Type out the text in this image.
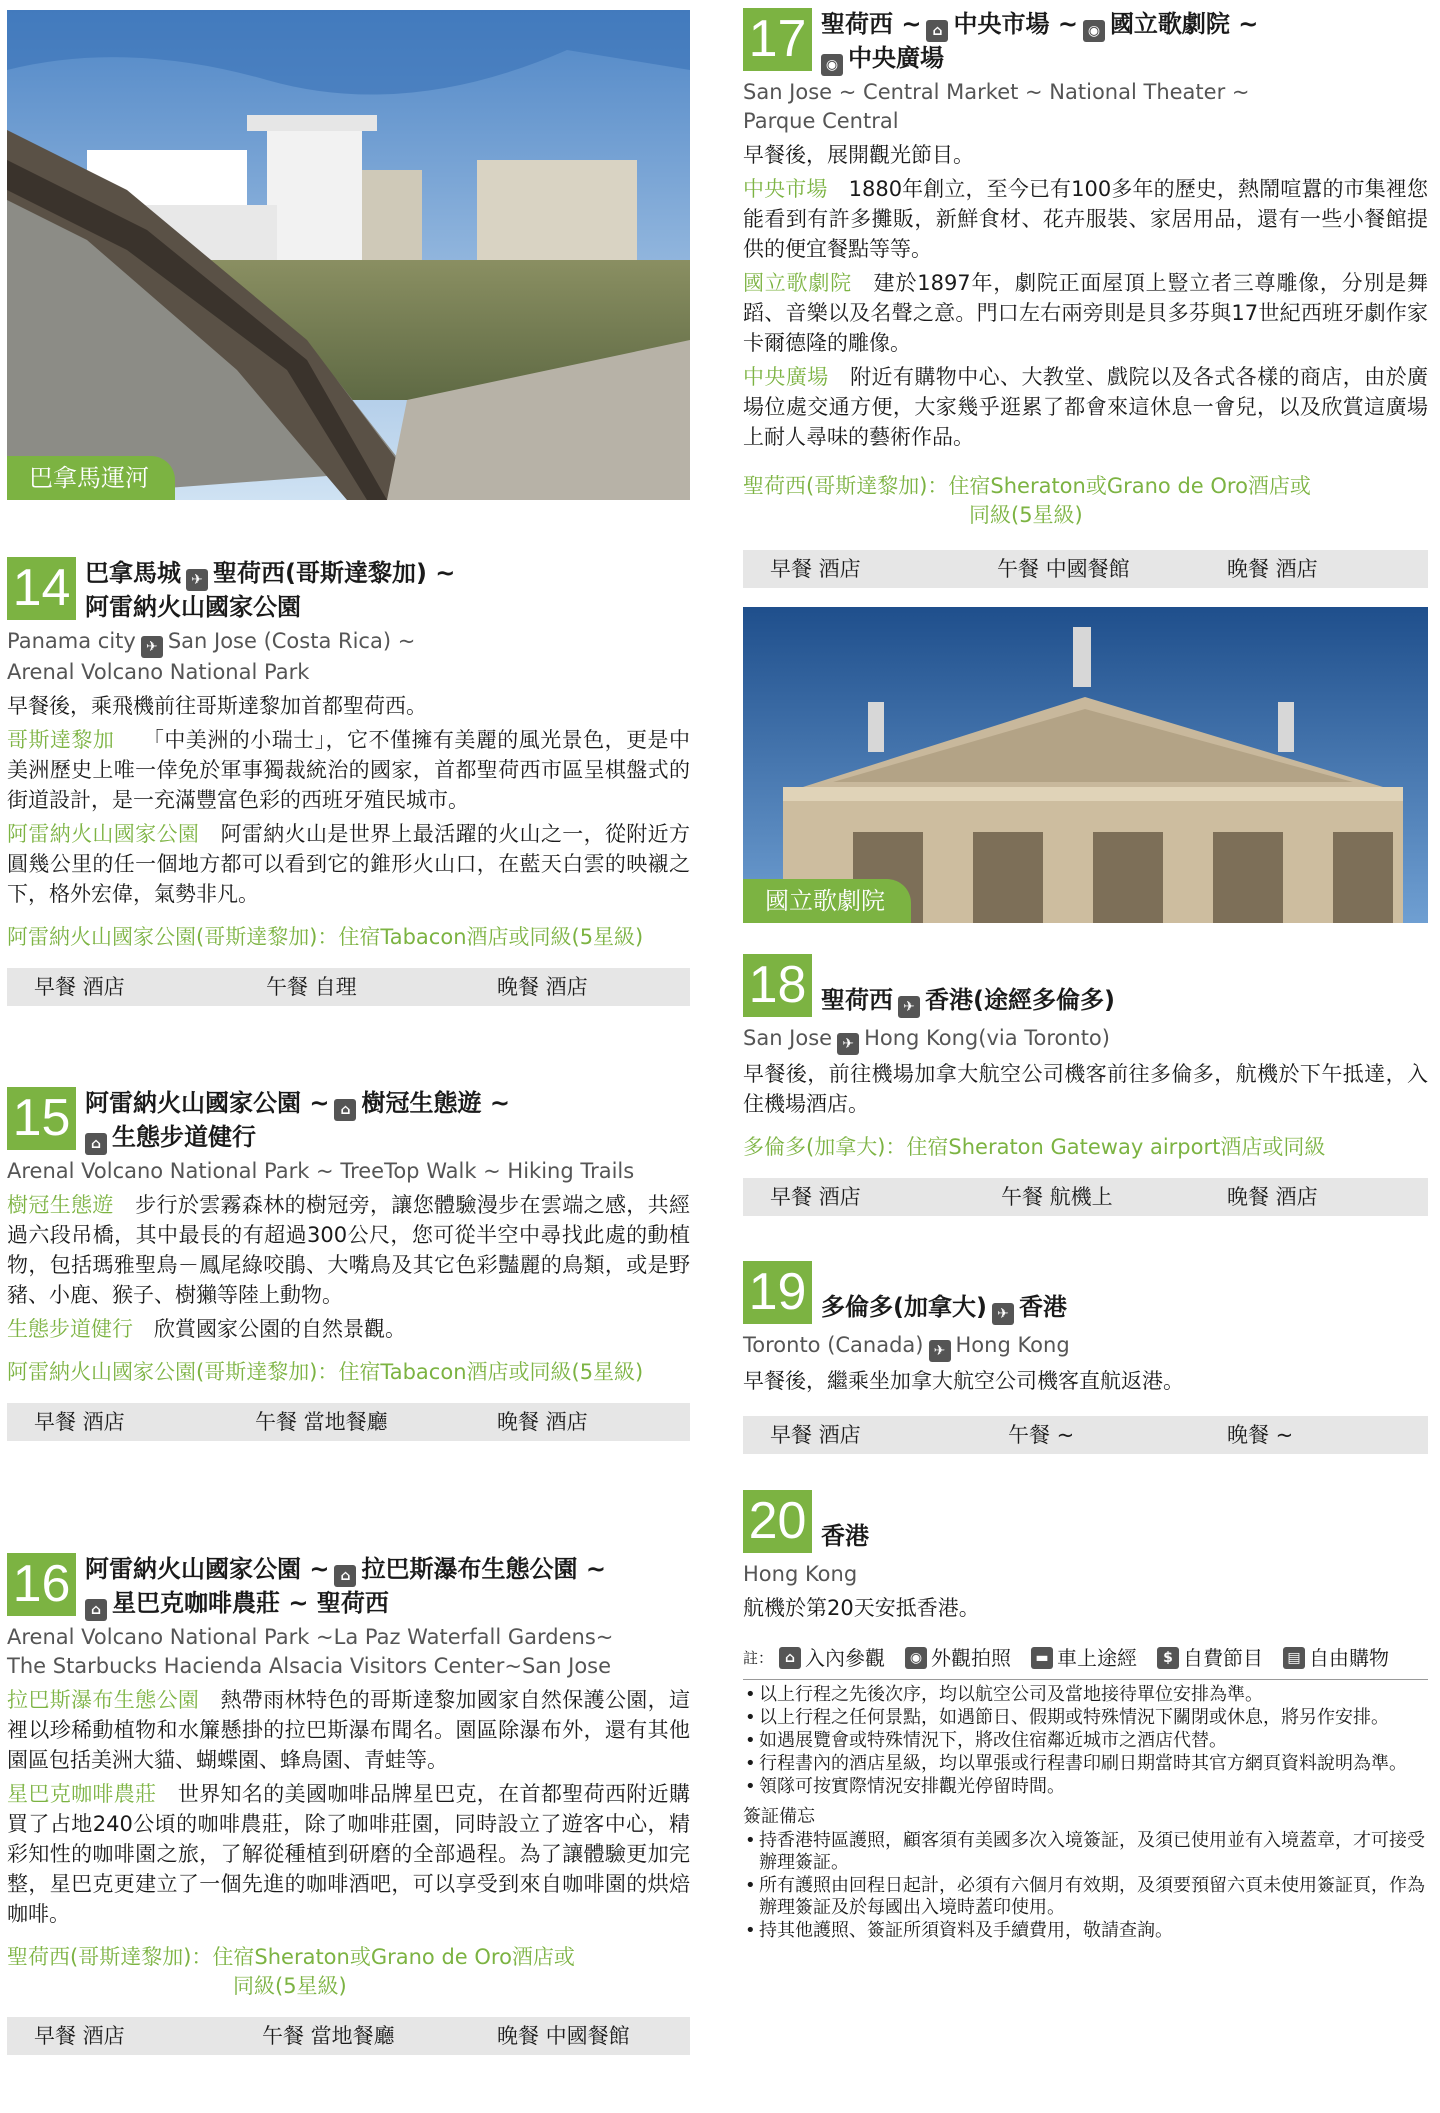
巴拿馬運河
14 巴拿馬城 ✈ 聖荷西(哥斯達黎加) ~
阿雷納火山國家公園
Panama city ✈ San Jose (Costa Rica) ~
Arenal Volcano National Park
早餐後，乘飛機前往哥斯達黎加首都聖荷西。
哥斯達黎加　 「中美洲的小瑞士」，它不僅擁有美麗的風光景色，更是中美洲歷史上唯一倖免於軍事獨裁統治的國家，首都聖荷西市區呈棋盤式的街道設計，是一充滿豐富色彩的西班牙殖民城市。
阿雷納火山國家公園　 阿雷納火山是世界上最活躍的火山之一，從附近方圓幾公里的任一個地方都可以看到它的錐形火山口，在藍天白雲的映襯之下，格外宏偉，氣勢非凡。
阿雷納火山國家公園(哥斯達黎加)：住宿Tabacon酒店或同級(5星級)
早餐 酒店	午餐 自理	晚餐 酒店
15 阿雷納火山國家公園 ~ ⌂ 樹冠生態遊 ~
⌂ 生態步道健行
Arenal Volcano National Park ~ TreeTop Walk ~ Hiking Trails
樹冠生態遊　 步行於雲霧森林的樹冠旁，讓您體驗漫步在雲端之感，共經過六段吊橋，其中最長的有超過300公尺，您可從半空中尋找此處的動植物，包括瑪雅聖鳥－鳳尾綠咬鵑、大嘴鳥及其它色彩豔麗的鳥類，或是野豬、小鹿、猴子、樹獺等陸上動物。
生態步道健行　 欣賞國家公園的自然景觀。
阿雷納火山國家公園(哥斯達黎加)：住宿Tabacon酒店或同級(5星級)
早餐 酒店	午餐 當地餐廳	晚餐 酒店
16 阿雷納火山國家公園 ~ ⌂ 拉巴斯瀑布生態公園 ~
⌂ 星巴克咖啡農莊 ~ 聖荷西
Arenal Volcano National Park ~La Paz Waterfall Gardens~
The Starbucks Hacienda Alsacia Visitors Center~San Jose
拉巴斯瀑布生態公園　 熱帶雨林特色的哥斯達黎加國家自然保護公園，這裡以珍稀動植物和水簾懸掛的拉巴斯瀑布聞名。園區除瀑布外，還有其他園區包括美洲大貓、蝴蝶園、蜂鳥園、青蛙等。
星巴克咖啡農莊　 世界知名的美國咖啡品牌星巴克，在首都聖荷西附近購買了占地240公頃的咖啡農莊，除了咖啡莊園，同時設立了遊客中心，精彩知性的咖啡園之旅，了解從種植到研磨的全部過程。為了讓體驗更加完整，星巴克更建立了一個先進的咖啡酒吧，可以享受到來自咖啡園的烘焙咖啡。
聖荷西(哥斯達黎加)：住宿Sheraton或Grano de Oro酒店或
同級(5星級)
早餐 酒店	午餐 當地餐廳	晚餐 中國餐館
17 聖荷西 ~ ⌂ 中央市場 ~ ◉ 國立歌劇院 ~
◉ 中央廣場
San Jose ~ Central Market ~ National Theater ~
Parque Central
早餐後，展開觀光節目。
中央市場　 1880年創立，至今已有100多年的歷史，熱鬧喧囂的市集裡您能看到有許多攤販，新鮮食材、花卉服裝、家居用品，還有一些小餐館提供的便宜餐點等等。
國立歌劇院　 建於1897年，劇院正面屋頂上豎立者三尊雕像，分別是舞蹈、音樂以及名聲之意。門口左右兩旁則是貝多芬與17世紀西班牙劇作家卡爾德隆的雕像。
中央廣場　 附近有購物中心、大教堂、戲院以及各式各樣的商店，由於廣場位處交通方便，大家幾乎逛累了都會來這休息一會兒，以及欣賞這廣場上耐人尋味的藝術作品。
聖荷西(哥斯達黎加)：住宿Sheraton或Grano de Oro酒店或
同級(5星級)
早餐 酒店	午餐 中國餐館	晚餐 酒店
國立歌劇院
18 聖荷西 ✈ 香港(途經多倫多)
San Jose ✈ Hong Kong(via Toronto)
早餐後，前往機場加拿大航空公司機客前往多倫多，航機於下午抵達，入住機場酒店。
多倫多(加拿大)：住宿Sheraton Gateway airport酒店或同級
早餐 酒店	午餐 航機上	晚餐 酒店
19 多倫多(加拿大) ✈ 香港
Toronto (Canada) ✈ Hong Kong
早餐後，繼乘坐加拿大航空公司機客直航返港。
早餐 酒店	午餐 ~	晚餐 ~
20 香港
Hong Kong
航機於第20天安抵香港。
註： ⌂ 入內參觀	◉ 外觀拍照	▬ 車上途經	$ 自費節目	▤ 自由購物
• 以上行程之先後次序，均以航空公司及當地接待單位安排為準。
• 以上行程之任何景點，如遇節日、假期或特殊情況下關閉或休息，將另作安排。
• 如遇展覽會或特殊情況下，將改住宿鄰近城市之酒店代替。
• 行程書內的酒店星級，均以單張或行程書印刷日期當時其官方網頁資料說明為準。
• 領隊可按實際情況安排觀光停留時間。
簽証備忘
• 持香港特區護照，顧客須有美國多次入境簽証，及須已使用並有入境蓋章，才可接受辦理簽証。
• 所有護照由回程日起計，必須有六個月有效期，及須要預留六頁未使用簽証頁，作為辦理簽証及於每國出入境時蓋印使用。
• 持其他護照、簽証所須資料及手續費用，敬請查詢。
